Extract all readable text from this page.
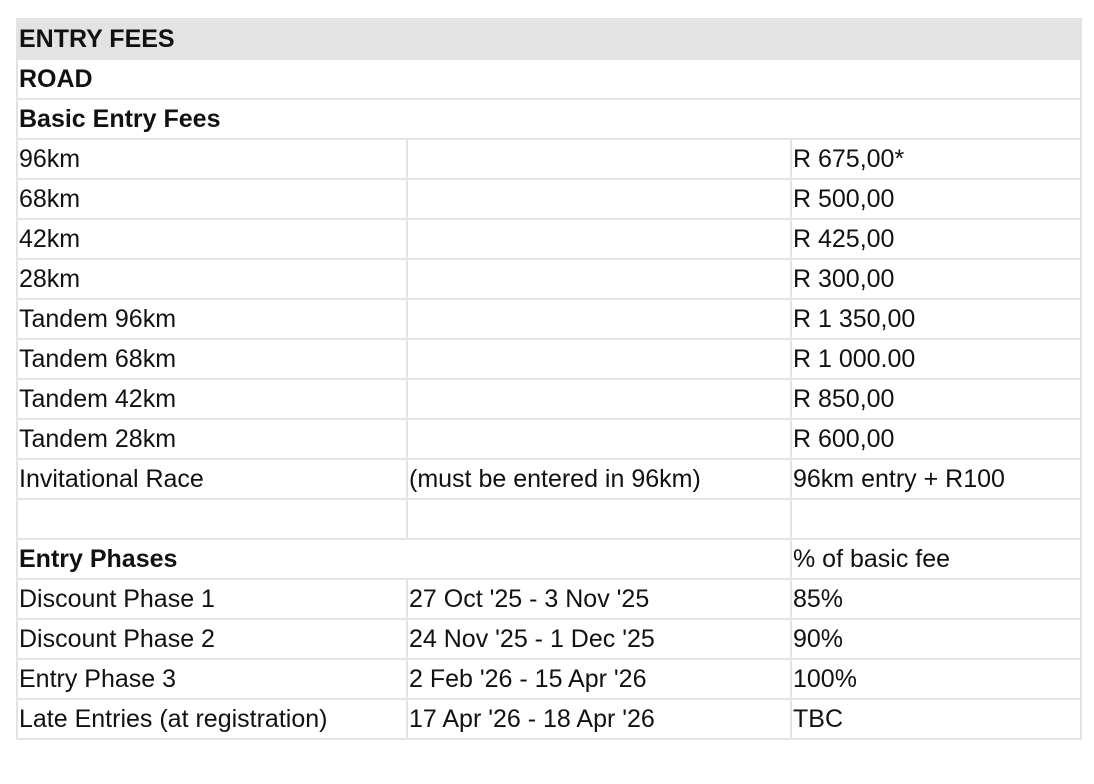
ENTRY FEES		
ROAD		
Basic Entry Fees		
96km		R 675,00*
68km		R 500,00
42km		R 425,00
28km		R 300,00
Tandem 96km		R 1 350,00
Tandem 68km		R 1 000.00
Tandem 42km		R 850,00
Tandem 28km		R 600,00
Invitational Race	(must be entered in 96km)	96km entry + R100

Entry Phases		% of basic fee
Discount Phase 1	27 Oct '25 - 3 Nov '25	85%
Discount Phase 2	24 Nov '25 - 1 Dec '25	90%
Entry Phase 3	2 Feb '26 - 15 Apr '26	100%
Late Entries (at registration)	17 Apr '26 - 18 Apr '26	TBC
